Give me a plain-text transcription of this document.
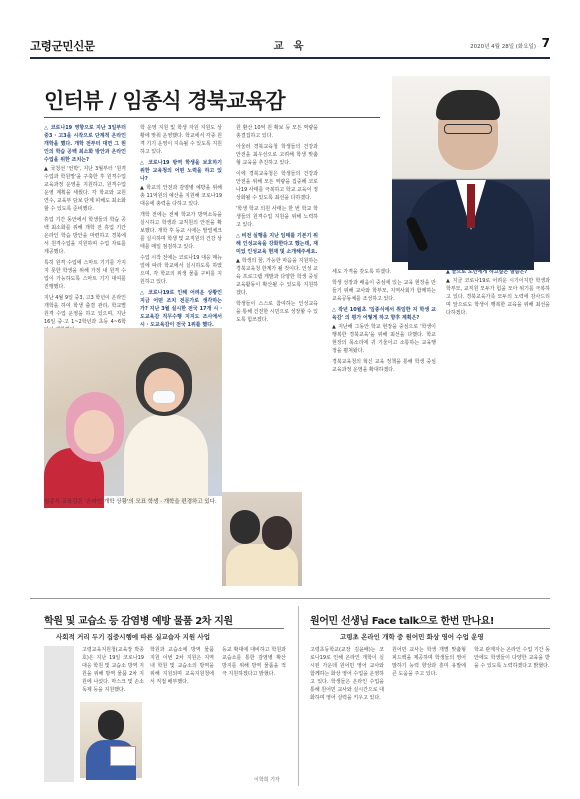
고령군민신문	교 육	2020년 4월 28일 (화요일) 7
인터뷰 / 임종식 경북교육감
△ 코로나19 영향으로 지난 3일부터 중3 · 고3을 시작으로 단계적 온라인 개학을 했다. 개학 전부터 대면 그 원인의 학습 공백 최소화 방안과 온라인 수업을 위한 조치는?
▲ 국청선 '언박', 지난 3월부터 '원격수업과 학원망'을 구축한 후 원격수업 교육과정 운영을 지원하고, 원격수업 운영 계획을 세웠다. 각 학교와 교원 연수, 교육부 담보 단계 피해도 최소화 할 수 있도록 준비했다.
휴업 기간 동안에서 학생들의 학습 공백 최소화를 위해 개학 전 휴업 기간 온라인 학습 방안을 마련하고 경북에서 원격수업을 지원하며 수업 자료를 제공했다.
특히 원격 수업에 스마트 기기를 가지지 못한 학생을 위해 가정 내 원격 수업이 가능하도록 스마트 기기 대여를 진행했다.
지난 4월 9일 중3, 고3 학년이 온라인 개학을 하여 학생 출결 관리, 학교별 원격 수업 운영을 하고 있으며, 지난 16일 중·고 1~2학년과 초등 4~6학
학 운영 지원 및 학생 자원 지원도 상황에 맞춰 운영했다. 학교에서 각종 원격 기기 운영이 지속될 수 있도록 지원하고 있다.
△ 코로나19 방역 학생을 보호하기 위한 교육청의 어떤 노력을 하고 있나?
▲ 학교의 안전과 감염병 예방을 위해 총 11억원의 예산을 지원해 코로나19 대응에 총력을 다하고 있다.
개학 전에는 전체 학교가 방역소독을 실시하고 학생과 교직원의 안전을 확보했다. 개학 후 등교 시에는 발열체크를 실시하며 학생 및 교직원의 건강 상태를 매일 점검하고 있다.
수업 시작 전에는 코로나19 대응 매뉴얼에 따라 학교에서 실시하도록 하였으며, 각 학교의 위생 물품 구비를 지원하고 있다.
△ 코로나19로 인해 어려운 상황인 지금 어떤 조치 전문가로 생각하는가? 지난 3월 실시한 전국 17개 시 · 도교육감 직무수행 지지도 조사에서 시 · 도교육감이 전국 1위를 했다.
임종식 교육감은 '온라인 개학 상황'의 모표 학생 · 개학을 편경하고 있다.
원 환산 10억 원 확보 등 모든 역량을 총결집하고 있다.
아울러 경북교육청 학생들의 건강과 안전을 최우선으로 고려해 학생 맞춤형 교육을 추진하고 있다.
이에 경북교육청은 학생들의 건강과 안전을 위해 모든 역량을 집중해 코로나19 사태를 극복하고 학교 교육이 정상화될 수 있도록 최선을 다하겠다.
'학생 학교 의원 사태는 한 번 학교 학생들의 원격수업 지원을 위해 노력하고 있다.
△ 비전 실행을 지난 임태를 기본기 위해 인성교육을 강화한다고 했는데, 재미있 인성교육 현재 및 소개해주세요.
▲ 학생의 꿈, 가능한 마음을 지원하는 경북교육청 한계가 될 것이다. 인성 교육 프로그램 개발과 다양한 학생 중심 교육활동이 확산될 수 있도록 지원하겠다.
학생들이 스스로 참여하는 인성교육을 통해 건전한 시민으로 성장할 수 있도록 힘쓰겠다.
세도 가격을 갖도록 하겠다.
학생 성장과 배움이 중심에 있는 교육 현장을 만들기 위해 교사와 학부모, 지역사회가 함께하는 교육공동체를 조성하고 있다.
△ 작년 10월초 '임종식에서 취임한 지 학생 교육감' 의 평가 어떻게 하고 향후 계획은?
▲ 지난해 그동안 학교 현장을 중심으로 '학생이 행복한 경북교육'을 위해 최선을 다했다. 학교 현장의 목소리에 귀 기울이고 소통하는 교육행정을 펼쳐왔다.
경북교육청의 혁신 교육 정책을 통해 학생 중심 교육과정 운영을 확대하겠다.
▲ 끝으로 도민에게 하고싶은 말씀은?
▲ 지금 코로나19로 어려운 시기이지만 학생과 학부모, 교직원 모두가 힘을 모아 위기를 극복하고 있다. 경북교육가족 모두의 노력에 감사드리며 앞으로도 학생이 행복한 교육을 위해 최선을 다하겠다.
학원 및 교습소 등 감염병 예방 물품 2차 지원
사회적 거리 두기 집중시행에 따른 실교습자 지원 사업
고령교육지원청(교육장 박종호)은 지난 19일 코로나19 대응 학원 및 교습소 방역 지원을 위해 방역 물품 2차 지원에 나섰다. 마스크 및 손소독제 등을 지원했다.
학원과 교습소에 방역 물품 지원 이번 2차 지원은 지역 내 학원 및 교습소의 방역을 위해 지원되며 교육지원청에서 직접 배부했다.
등교 확대에 대비하고 학원과 교습소를 통한 감염병 확산 방지를 위해 방역 물품을 적극 지원하겠다고 밝혔다.
이학희 기자
원어민 선생님 Face talk으로 한번 만나요!
고령초 온라인 개학 중 원어민 화상 영어 수업 운영
고령초등학교(교장 김윤배)는 코로나19로 인해 온라인 개학이 실시된 가운데 원어민 영어 교사와 함께하는 화상 영어 수업을 운영하고 있다. 학생들은 온라인 수업을 통해 원어민 교사와 실시간으로 대화하며 영어 실력을 키우고 있다.
원어민 교사는 학생 개별 맞춤형 피드백을 제공하며 학생들의 영어 말하기 능력 향상과 흥미 유발에 큰 도움을 주고 있다.
학교 관계자는 온라인 수업 기간 동안에도 학생들이 다양한 교육을 받을 수 있도록 노력하겠다고 밝혔다.
